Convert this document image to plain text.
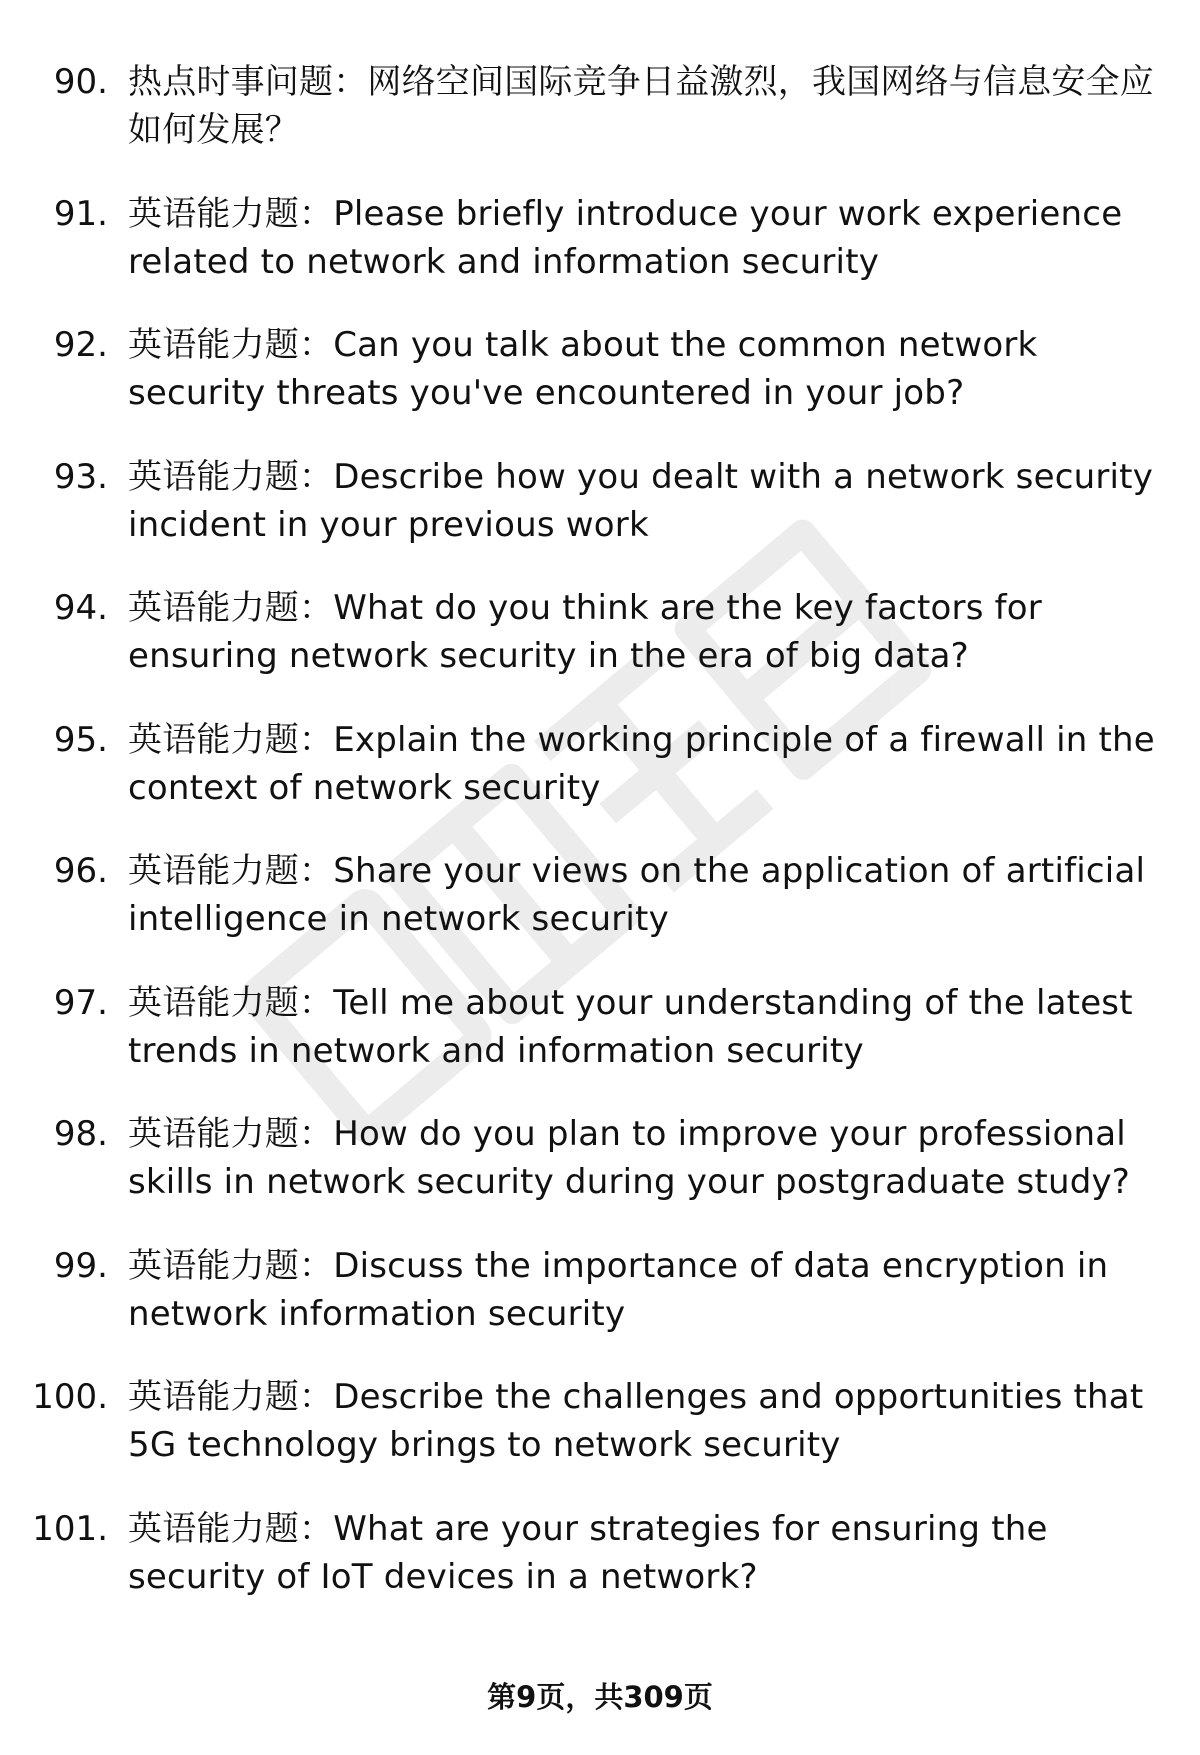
90. 热点时事问题：网络空间国际竞争日益激烈，我国网络与信息安全应如何发展？
91. 英语能力题：Please briefly introduce your work experience related to network and information security
92. 英语能力题：Can you talk about the common network security threats you've encountered in your job?
93. 英语能力题：Describe how you dealt with a network security incident in your previous work
94. 英语能力题：What do you think are the key factors for ensuring network security in the era of big data?
95. 英语能力题：Explain the working principle of a firewall in the context of network security
96. 英语能力题：Share your views on the application of artificial intelligence in network security
97. 英语能力题：Tell me about your understanding of the latest trends in network and information security
98. 英语能力题：How do you plan to improve your professional skills in network security during your postgraduate study?
99. 英语能力题：Discuss the importance of data encryption in network information security
100. 英语能力题：Describe the challenges and opportunities that 5G technology brings to network security
101. 英语能力题：What are your strategies for ensuring the security of IoT devices in a network?
第9页，共309页
